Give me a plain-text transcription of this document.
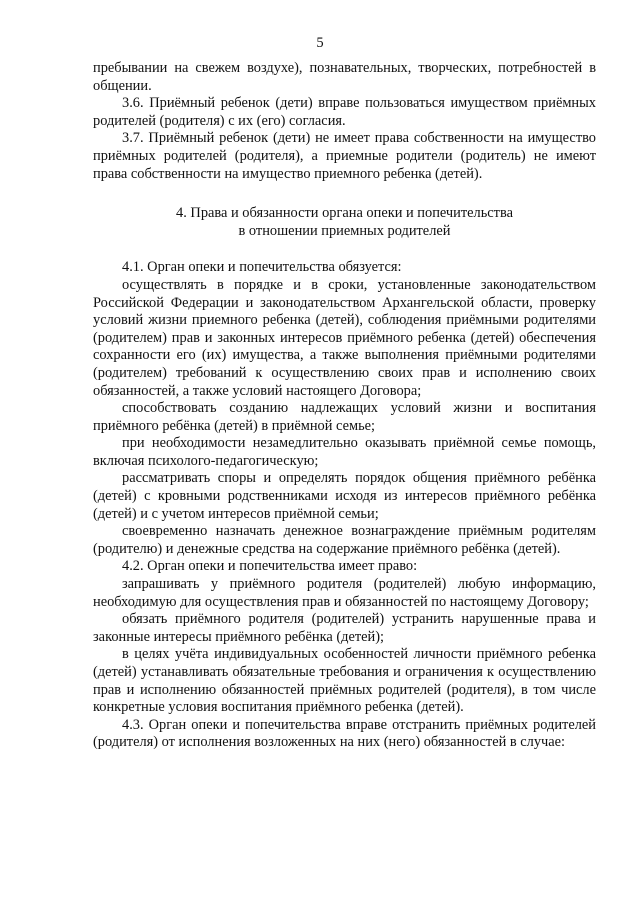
5

пребывании на свежем воздухе), познавательных, творческих, потребностей в общении.

3.6. Приёмный ребенок (дети) вправе пользоваться имуществом приёмных родителей (родителя) с их (его) согласия.

3.7. Приёмный ребенок (дети) не имеет права собственности на имущество приёмных родителей (родителя), а приемные родители (родитель) не имеют права собственности на имущество приемного ребенка (детей).

4. Права и обязанности органа опеки и попечительства
в отношении приемных родителей

4.1. Орган опеки и попечительства обязуется:

осуществлять в порядке и в сроки, установленные законодательством Российской Федерации и законодательством Архангельской области, проверку условий жизни приемного ребенка (детей), соблюдения приёмными родителями (родителем) прав и законных интересов приёмного ребенка (детей) обеспечения сохранности его (их) имущества, а также выполнения приёмными родителями (родителем) требований к осуществлению своих прав и исполнению своих обязанностей, а также условий настоящего Договора;

способствовать созданию надлежащих условий жизни и воспитания приёмного ребёнка (детей) в приёмной семье;

при необходимости незамедлительно оказывать приёмной семье помощь, включая психолого-педагогическую;

рассматривать споры и определять порядок общения приёмного ребёнка (детей) с кровными родственниками исходя из интересов приёмного ребёнка (детей) и с учетом интересов приёмной семьи;

своевременно назначать денежное вознаграждение приёмным родителям (родителю) и денежные средства на содержание приёмного ребёнка (детей).

4.2. Орган опеки и попечительства имеет право:

запрашивать у приёмного родителя (родителей) любую информацию, необходимую для осуществления прав и обязанностей по настоящему Договору;

обязать приёмного родителя (родителей) устранить нарушенные права и законные интересы приёмного ребёнка (детей);

в целях учёта индивидуальных особенностей личности приёмного ребенка (детей) устанавливать обязательные требования и ограничения к осуществлению прав и исполнению обязанностей приёмных родителей (родителя), в том числе конкретные условия воспитания приёмного ребенка (детей).

4.3. Орган опеки и попечительства вправе отстранить приёмных родителей (родителя) от исполнения возложенных на них (него) обязанностей в случае:
